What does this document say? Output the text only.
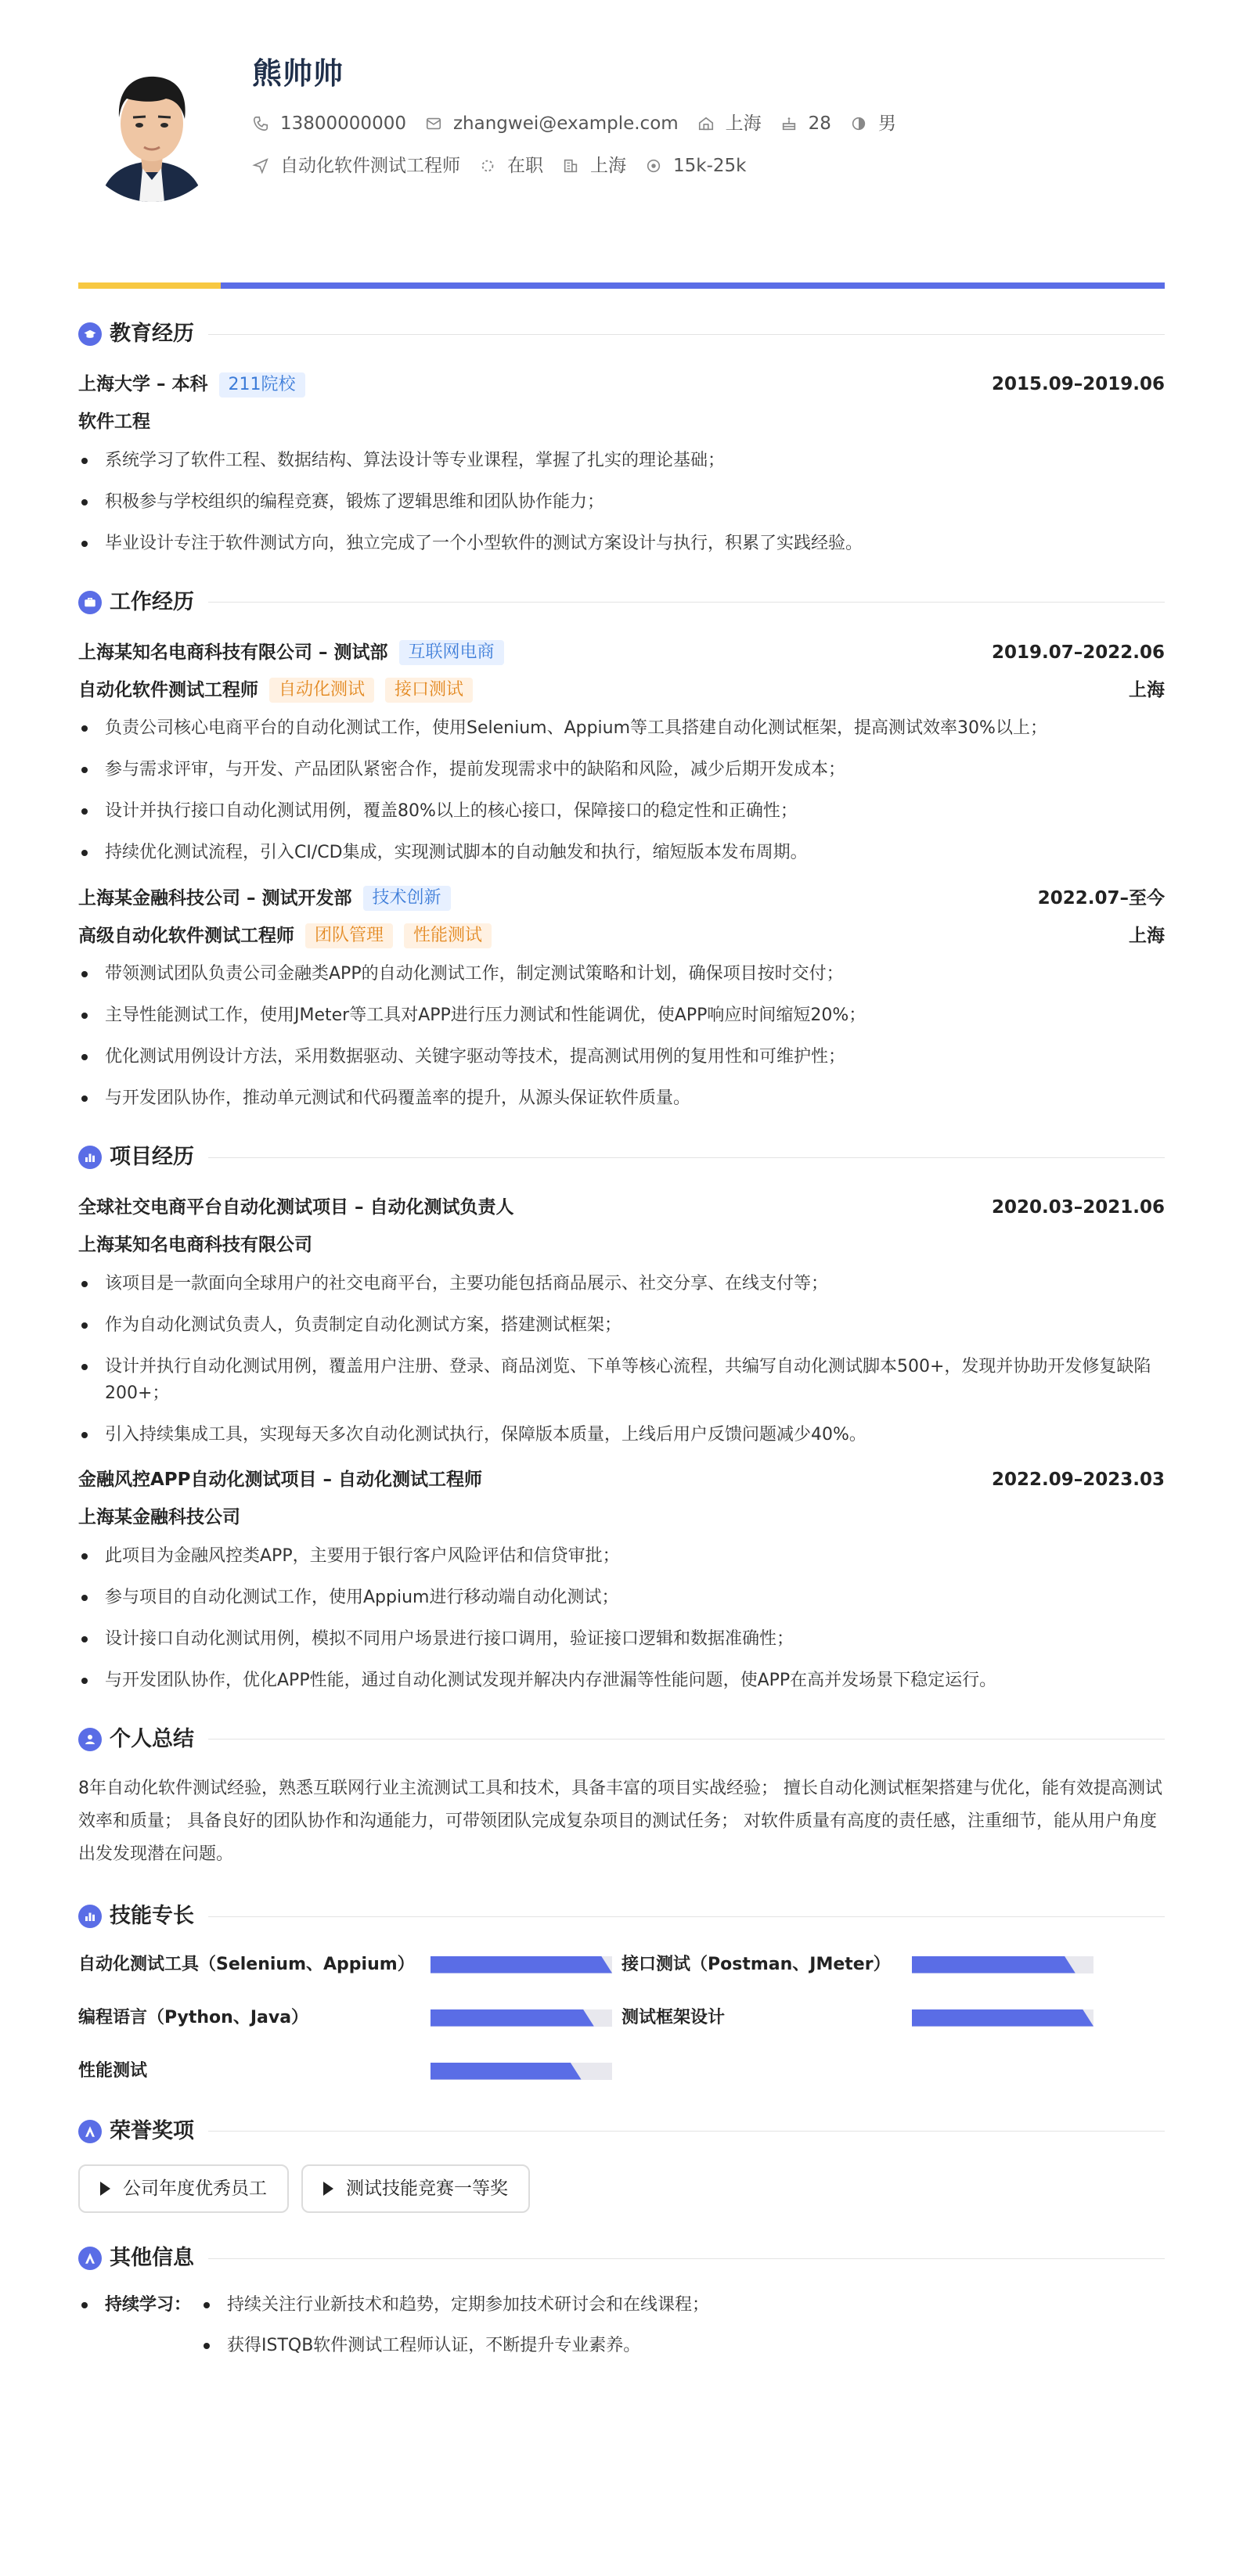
熊帅帅
13800000000	zhangwei@example.com	上海	28	男
自动化软件测试工程师	在职	上海	15k-25k
教育经历
上海大学 – 本科	211院校	2015.09–2019.06
软件工程
系统学习了软件工程、数据结构、算法设计等专业课程，掌握了扎实的理论基础；
积极参与学校组织的编程竞赛，锻炼了逻辑思维和团队协作能力；
毕业设计专注于软件测试方向，独立完成了一个小型软件的测试方案设计与执行，积累了实践经验。
工作经历
上海某知名电商科技有限公司 – 测试部	互联网电商	2019.07–2022.06
自动化软件测试工程师	自动化测试	接口测试	上海
负责公司核心电商平台的自动化测试工作，使用Selenium、Appium等工具搭建自动化测试框架，提高测试效率30%以上；
参与需求评审，与开发、产品团队紧密合作，提前发现需求中的缺陷和风险，减少后期开发成本；
设计并执行接口自动化测试用例，覆盖80%以上的核心接口，保障接口的稳定性和正确性；
持续优化测试流程，引入CI/CD集成，实现测试脚本的自动触发和执行，缩短版本发布周期。
上海某金融科技公司 – 测试开发部	技术创新	2022.07–至今
高级自动化软件测试工程师	团队管理	性能测试	上海
带领测试团队负责公司金融类APP的自动化测试工作，制定测试策略和计划，确保项目按时交付；
主导性能测试工作，使用JMeter等工具对APP进行压力测试和性能调优，使APP响应时间缩短20%；
优化测试用例设计方法，采用数据驱动、关键字驱动等技术，提高测试用例的复用性和可维护性；
与开发团队协作，推动单元测试和代码覆盖率的提升，从源头保证软件质量。
项目经历
全球社交电商平台自动化测试项目 – 自动化测试负责人	2020.03–2021.06
上海某知名电商科技有限公司
该项目是一款面向全球用户的社交电商平台，主要功能包括商品展示、社交分享、在线支付等；
作为自动化测试负责人，负责制定自动化测试方案，搭建测试框架；
设计并执行自动化测试用例，覆盖用户注册、登录、商品浏览、下单等核心流程，共编写自动化测试脚本500+，发现并协助开发修复缺陷200+；
引入持续集成工具，实现每天多次自动化测试执行，保障版本质量，上线后用户反馈问题减少40%。
金融风控APP自动化测试项目 – 自动化测试工程师	2022.09–2023.03
上海某金融科技公司
此项目为金融风控类APP，主要用于银行客户风险评估和信贷审批；
参与项目的自动化测试工作，使用Appium进行移动端自动化测试；
设计接口自动化测试用例，模拟不同用户场景进行接口调用，验证接口逻辑和数据准确性；
与开发团队协作，优化APP性能，通过自动化测试发现并解决内存泄漏等性能问题，使APP在高并发场景下稳定运行。
个人总结

8年自动化软件测试经验，熟悉互联网行业主流测试工具和技术，具备丰富的项目实战经验； 擅长自动化测试框架搭建与优化，能有效提高测试效率和质量； 具备良好的团队协作和沟通能力，可带领团队完成复杂项目的测试任务； 对软件质量有高度的责任感，注重细节，能从用户角度出发发现潜在问题。

技能专长
自动化测试工具（Selenium、Appium）	接口测试（Postman、JMeter）
编程语言（Python、Java）	测试框架设计
性能测试
荣誉奖项
公司年度优秀员工	测试技能竞赛一等奖
其他信息
持续学习：	持续关注行业新技术和趋势，定期参加技术研讨会和在线课程；
获得ISTQB软件测试工程师认证，不断提升专业素养。
